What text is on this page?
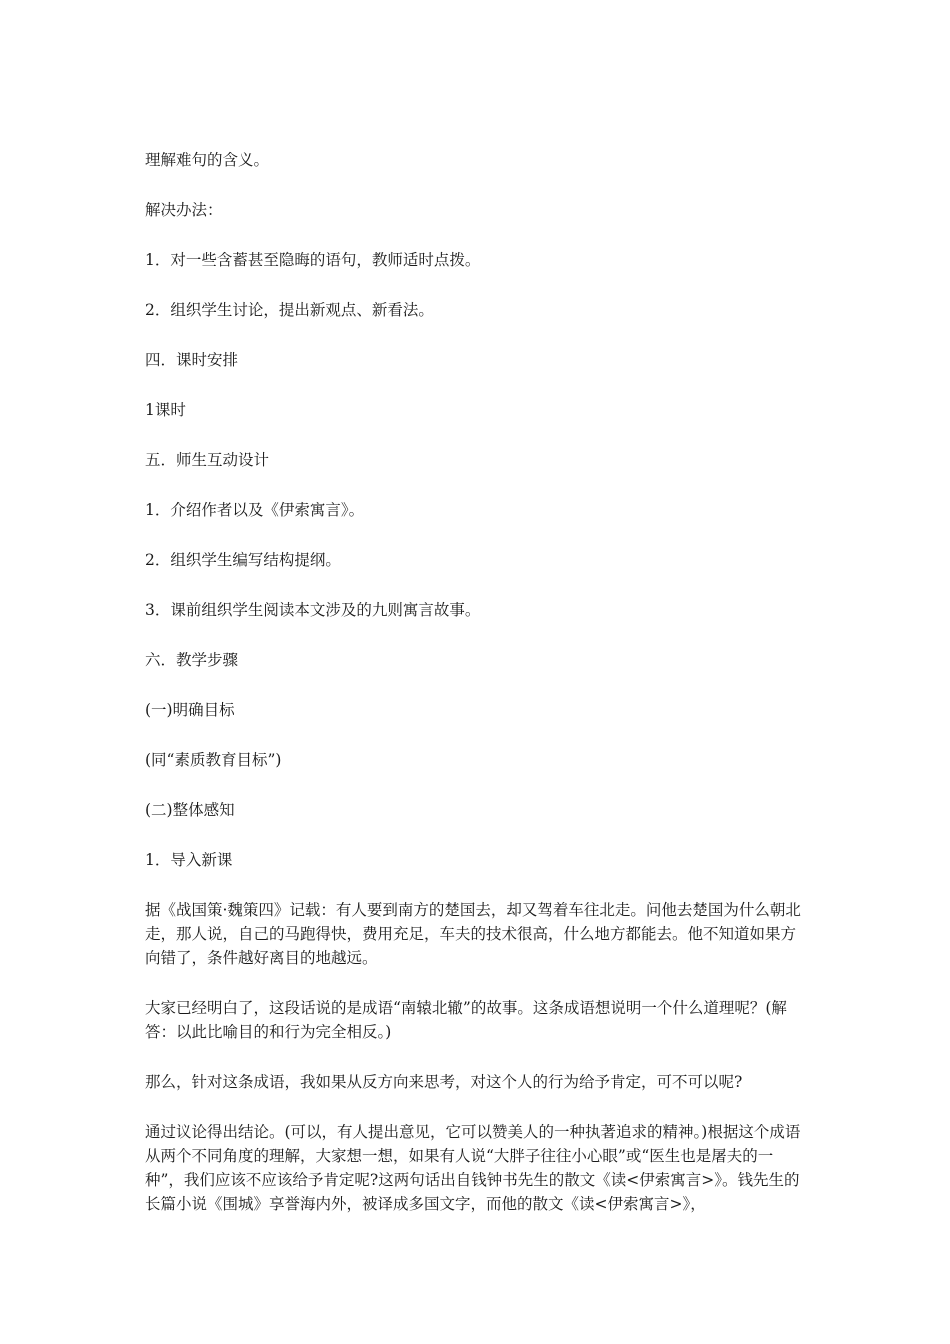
理解难句的含义。

解决办法：

1．对一些含蓄甚至隐晦的语句，教师适时点拨。

2．组织学生讨论，提出新观点、新看法。

四．课时安排

1课时

五．师生互动设计

1．介绍作者以及《伊索寓言》。

2．组织学生编写结构提纲。

3．课前组织学生阅读本文涉及的九则寓言故事。

六．教学步骤

(一)明确目标

(同“素质教育目标”)

(二)整体感知

1．导入新课

据《战国策·魏策四》记载：有人要到南方的楚国去，却又驾着车往北走。问他去楚国为什么朝北走，那人说，自己的马跑得快，费用充足，车夫的技术很高，什么地方都能去。他不知道如果方向错了，条件越好离目的地越远。

大家已经明白了，这段话说的是成语“南辕北辙”的故事。这条成语想说明一个什么道理呢？(解答：以此比喻目的和行为完全相反。)

那么，针对这条成语，我如果从反方向来思考，对这个人的行为给予肯定，可不可以呢?

通过议论得出结论。(可以，有人提出意见，它可以赞美人的一种执著追求的精神。)根据这个成语从两个不同角度的理解，大家想一想，如果有人说“大胖子往往小心眼”或“医生也是屠夫的一种”，我们应该不应该给予肯定呢?这两句话出自钱钟书先生的散文《读<伊索寓言>》。钱先生的长篇小说《围城》享誉海内外，被译成多国文字，而他的散文《读<伊索寓言>》，
